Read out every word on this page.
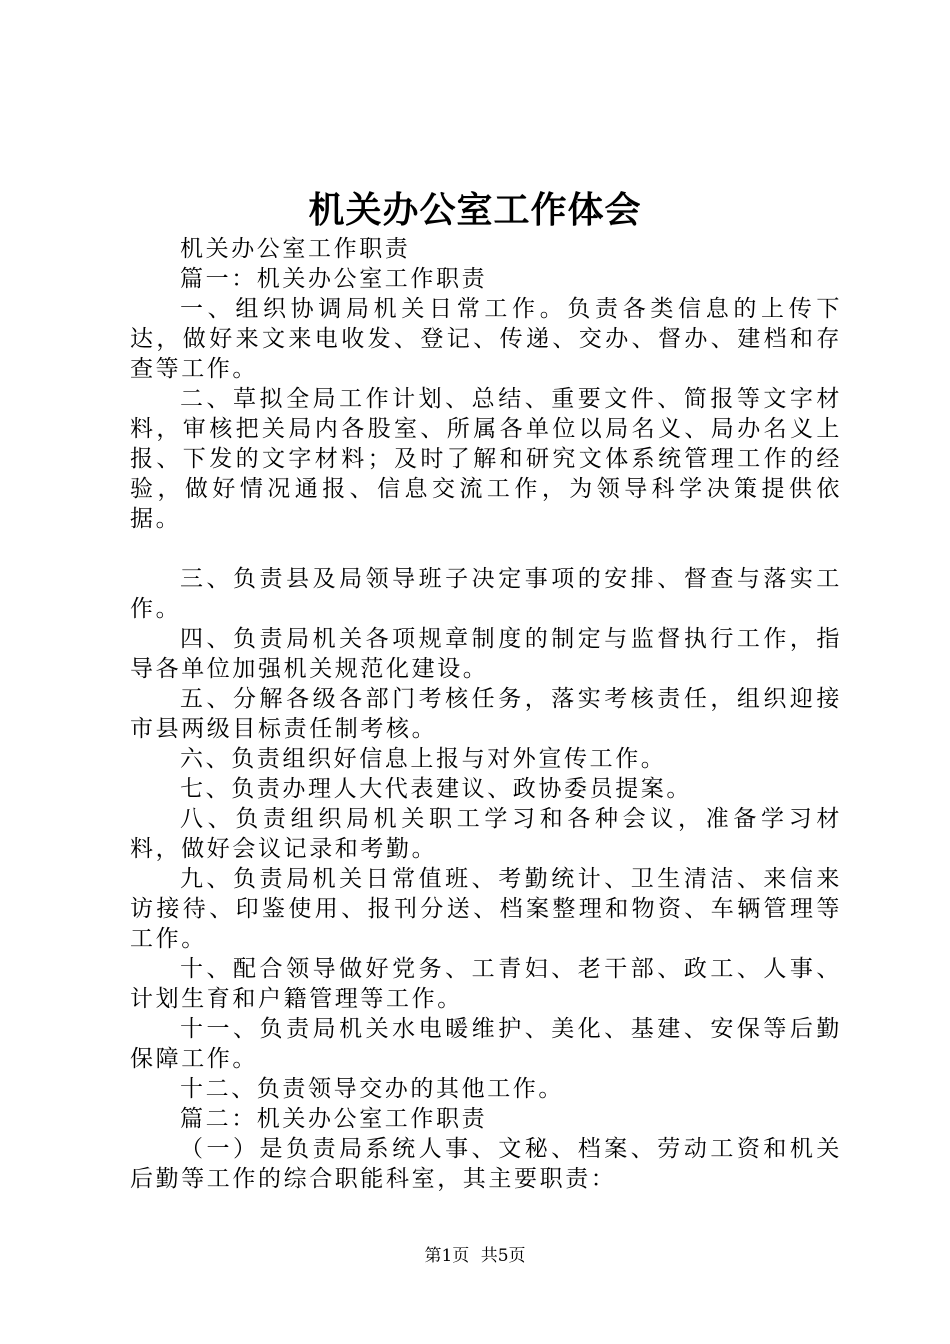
机关办公室工作体会

机关办公室工作职责

篇一：机关办公室工作职责

一、组织协调局机关日常工作。负责各类信息的上传下达，做好来文来电收发、登记、传递、交办、督办、建档和存查等工作。

二、草拟全局工作计划、总结、重要文件、简报等文字材料，审核把关局内各股室、所属各单位以局名义、局办名义上报、下发的文字材料；及时了解和研究文体系统管理工作的经验，做好情况通报、信息交流工作，为领导科学决策提供依据。

三、负责县及局领导班子决定事项的安排、督查与落实工作。

四、负责局机关各项规章制度的制定与监督执行工作，指导各单位加强机关规范化建设。

五、分解各级各部门考核任务，落实考核责任，组织迎接市县两级目标责任制考核。

六、负责组织好信息上报与对外宣传工作。

七、负责办理人大代表建议、政协委员提案。

八、负责组织局机关职工学习和各种会议，准备学习材料，做好会议记录和考勤。

九、负责局机关日常值班、考勤统计、卫生清洁、来信来访接待、印鉴使用、报刊分送、档案整理和物资、车辆管理等工作。

十、配合领导做好党务、工青妇、老干部、政工、人事、计划生育和户籍管理等工作。

十一、负责局机关水电暖维护、美化、基建、安保等后勤保障工作。

十二、负责领导交办的其他工作。

篇二：机关办公室工作职责

（一）是负责局系统人事、文秘、档案、劳动工资和机关后勤等工作的综合职能科室，其主要职责：

第1页 共5页
